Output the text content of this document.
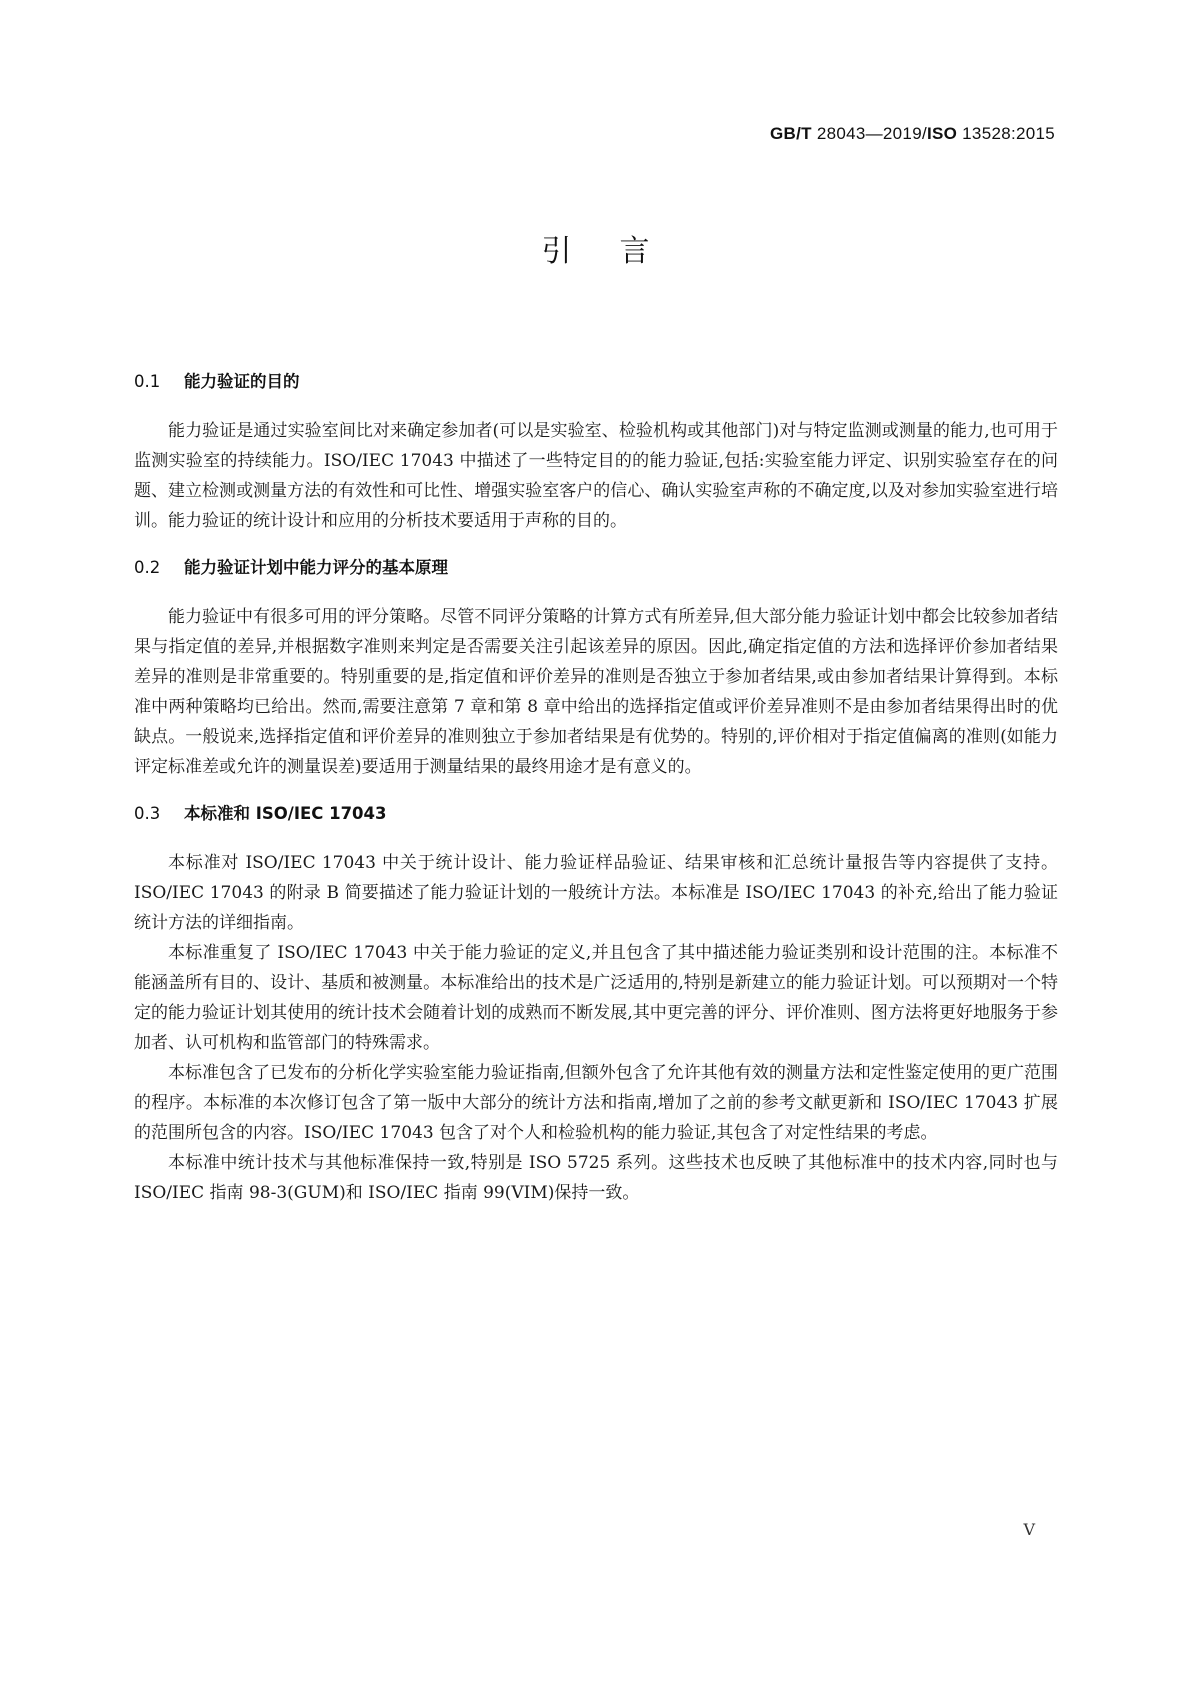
GB/T 28043—2019/ISO 13528:2015
引言
0.1	能力验证的目的

能力验证是通过实验室间比对来确定参加者(可以是实验室、检验机构或其他部门)对与特定监测或测量的能力,也可用于监测实验室的持续能力。ISO/IEC 17043 中描述了一些特定目的的能力验证,包括:实验室能力评定、识别实验室存在的问题、建立检测或测量方法的有效性和可比性、增强实验室客户的信心、确认实验室声称的不确定度,以及对参加实验室进行培训。能力验证的统计设计和应用的分析技术要适用于声称的目的。

0.2	能力验证计划中能力评分的基本原理

能力验证中有很多可用的评分策略。尽管不同评分策略的计算方式有所差异,但大部分能力验证计划中都会比较参加者结果与指定值的差异,并根据数字准则来判定是否需要关注引起该差异的原因。因此,确定指定值的方法和选择评价参加者结果差异的准则是非常重要的。特别重要的是,指定值和评价差异的准则是否独立于参加者结果,或由参加者结果计算得到。本标准中两种策略均已给出。然而,需要注意第 7 章和第 8 章中给出的选择指定值或评价差异准则不是由参加者结果得出时的优缺点。一般说来,选择指定值和评价差异的准则独立于参加者结果是有优势的。特别的,评价相对于指定值偏离的准则(如能力评定标准差或允许的测量误差)要适用于测量结果的最终用途才是有意义的。

0.3	本标准和 ISO/IEC 17043

本标准对 ISO/IEC 17043 中关于统计设计、能力验证样品验证、结果审核和汇总统计量报告等内容提供了支持。ISO/IEC 17043 的附录 B 简要描述了能力验证计划的一般统计方法。本标准是 ISO/IEC 17043 的补充,给出了能力验证统计方法的详细指南。

本标准重复了 ISO/IEC 17043 中关于能力验证的定义,并且包含了其中描述能力验证类别和设计范围的注。本标准不能涵盖所有目的、设计、基质和被测量。本标准给出的技术是广泛适用的,特别是新建立的能力验证计划。可以预期对一个特定的能力验证计划其使用的统计技术会随着计划的成熟而不断发展,其中更完善的评分、评价准则、图方法将更好地服务于参加者、认可机构和监管部门的特殊需求。

本标准包含了已发布的分析化学实验室能力验证指南,但额外包含了允许其他有效的测量方法和定性鉴定使用的更广范围的程序。本标准的本次修订包含了第一版中大部分的统计方法和指南,增加了之前的参考文献更新和 ISO/IEC 17043 扩展的范围所包含的内容。ISO/IEC 17043 包含了对个人和检验机构的能力验证,其包含了对定性结果的考虑。

本标准中统计技术与其他标准保持一致,特别是 ISO 5725 系列。这些技术也反映了其他标准中的技术内容,同时也与 ISO/IEC 指南 98-3(GUM)和 ISO/IEC 指南 99(VIM)保持一致。

V
